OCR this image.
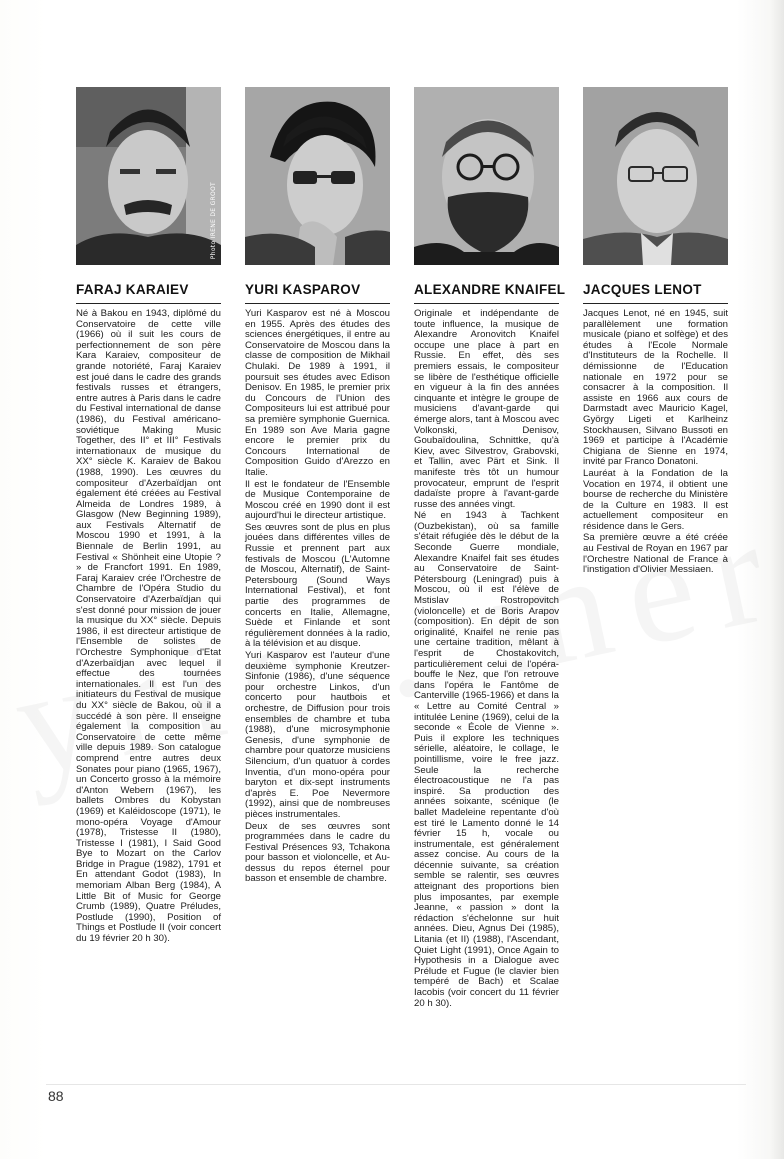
Photo IRENE DE GROOT
FARAJ KARAIEV

Né à Bakou en 1943, diplômé du Conservatoire de cette ville (1966) où il suit les cours de perfectionnement de son père Kara Karaiev, compositeur de grande notoriété, Faraj Karaiev est joué dans le cadre des grands festivals russes et étrangers, entre autres à Paris dans le cadre du Festival international de danse (1986), du Festival américano-soviétique Making Music Together, des II° et III° Festivals internationaux de musique du XX° siècle K. Karaiev de Bakou (1988, 1990). Les œuvres du compositeur d'Azerbaïdjan ont également été créées au Festival Almeida de Londres 1989, à Glasgow (New Beginning 1989), aux Festivals Alternatif de Moscou 1990 et 1991, à la Biennale de Berlin 1991, au Festival « Shönheit eine Utopie ? » de Francfort 1991. En 1989, Faraj Karaiev crée l'Orchestre de Chambre de l'Opéra Studio du Conservatoire d'Azerbaïdjan qui s'est donné pour mission de jouer la musique du XX° siècle. Depuis 1986, il est directeur artistique de l'Ensemble de solistes de l'Orchestre Symphonique d'Etat d'Azerbaïdjan avec lequel il effectue des tournées internationales. Il est l'un des initiateurs du Festival de musique du XX° siècle de Bakou, où il a succédé à son père. Il enseigne également la composition au Conservatoire de cette même ville depuis 1989. Son catalogue comprend entre autres deux Sonates pour piano (1965, 1967), un Concerto grosso à la mémoire d'Anton Webern (1967), les ballets Ombres du Kobystan (1969) et Kaléidoscope (1971), le mono-opéra Voyage d'Amour (1978), Tristesse II (1980), Tristesse I (1981), I Said Good Bye to Mozart on the Carlov Bridge in Prague (1982), 1791 et En attendant Godot (1983), In memoriam Alban Berg (1984), A Little Bit of Music for George Crumb (1989), Quatre Préludes, Postlude (1990), Position of Things et Postlude II (voir concert du 19 février 20 h 30).

YURI KASPAROV

Yuri Kasparov est né à Moscou en 1955. Après des études des sciences énergétiques, il entre au Conservatoire de Moscou dans la classe de composition de Mikhail Chulaki. De 1989 à 1991, il poursuit ses études avec Edison Denisov. En 1985, le premier prix du Concours de l'Union des Compositeurs lui est attribué pour sa première symphonie Guernica. En 1989 son Ave Maria gagne encore le premier prix du Concours International de Composition Guido d'Arezzo en Italie.

Il est le fondateur de l'Ensemble de Musique Contemporaine de Moscou créé en 1990 dont il est aujourd'hui le directeur artistique.

Ses œuvres sont de plus en plus jouées dans différentes villes de Russie et prennent part aux festivals de Moscou (L'Automne de Moscou, Alternatif), de Saint-Petersbourg (Sound Ways International Festival), et font partie des programmes de concerts en Italie, Allemagne, Suède et Finlande et sont régulièrement données à la radio, à la télévision et au disque.

Yuri Kasparov est l'auteur d'une deuxième symphonie Kreutzer-Sinfonie (1986), d'une séquence pour orchestre Linkos, d'un concerto pour hautbois et orchestre, de Diffusion pour trois ensembles de chambre et tuba (1988), d'une microsymphonie Genesis, d'une symphonie de chambre pour quatorze musiciens Silencium, d'un quatuor à cordes Inventia, d'un mono-opéra pour baryton et dix-sept instruments d'après E. Poe Nevermore (1992), ainsi que de nombreuses pièces instrumentales.

Deux de ses œuvres sont programmées dans le cadre du Festival Présences 93, Tchakona pour basson et violoncelle, et Au-dessus du repos éternel pour basson et ensemble de chambre.

ALEXANDRE KNAIFEL

Originale et indépendante de toute influence, la musique de Alexandre Aronovitch Knaifel occupe une place à part en Russie. En effet, dès ses premiers essais, le compositeur se libère de l'esthétique officielle en vigueur à la fin des années cinquante et intègre le groupe de musiciens d'avant-garde qui émerge alors, tant à Moscou avec Volkonski, Denisov, Goubaïdoulina, Schnittke, qu'à Kiev, avec Silvestrov, Grabovski, et Tallin, avec Pärt et Sink. Il manifeste très tôt un humour provocateur, emprunt de l'esprit dadaïste propre à l'avant-garde russe des années vingt.

Né en 1943 à Tachkent (Ouzbekistan), où sa famille s'était réfugiée dès le début de la Seconde Guerre mondiale, Alexandre Knaifel fait ses études au Conservatoire de Saint-Pétersbourg (Leningrad) puis à Moscou, où il est l'élève de Mstislav Rostropovitch (violoncelle) et de Boris Arapov (composition). En dépit de son originalité, Knaifel ne renie pas une certaine tradition, mêlant à l'esprit de Chostakovitch, particulièrement celui de l'opéra-bouffe le Nez, que l'on retrouve dans l'opéra le Fantôme de Canterville (1965-1966) et dans la « Lettre au Comité Central » intitulée Lenine (1969), celui de la seconde « École de Vienne ». Puis il explore les techniques sérielle, aléatoire, le collage, le pointillisme, voire le free jazz. Seule la recherche électroacoustique ne l'a pas inspiré. Sa production des années soixante, scénique (le ballet Madeleine repentante d'où est tiré le Lamento donné le 14 février 15 h, vocale ou instrumentale, est généralement assez concise. Au cours de la décennie suivante, sa création semble se ralentir, ses œuvres atteignant des proportions bien plus imposantes, par exemple Jeanne, « passion » dont la rédaction s'échelonne sur huit années. Dieu, Agnus Dei (1985), Litania (et II) (1988), l'Ascendant, Quiet Light (1991), Once Again to Hypothesis in a Dialogue avec Prélude et Fugue (le clavier bien tempéré de Bach) et Scalae Iacobis (voir concert du 11 février 20 h 30).

JACQUES LENOT

Jacques Lenot, né en 1945, suit parallèlement une formation musicale (piano et solfège) et des études à l'Ecole Normale d'Instituteurs de la Rochelle. Il démissionne de l'Education nationale en 1972 pour se consacrer à la composition. Il assiste en 1966 aux cours de Darmstadt avec Mauricio Kagel, György Ligeti et Karlheinz Stockhausen, Silvano Bussoti en 1969 et participe à l'Académie Chigiana de Sienne en 1974, invité par Franco Donatoni.

Lauréat à la Fondation de la Vocation en 1974, il obtient une bourse de recherche du Ministère de la Culture en 1983. Il est actuellement compositeur en résidence dans le Gers.

Sa première œuvre a été créée au Festival de Royan en 1967 par l'Orchestre National de France à l'instigation d'Olivier Messiaen.

88
